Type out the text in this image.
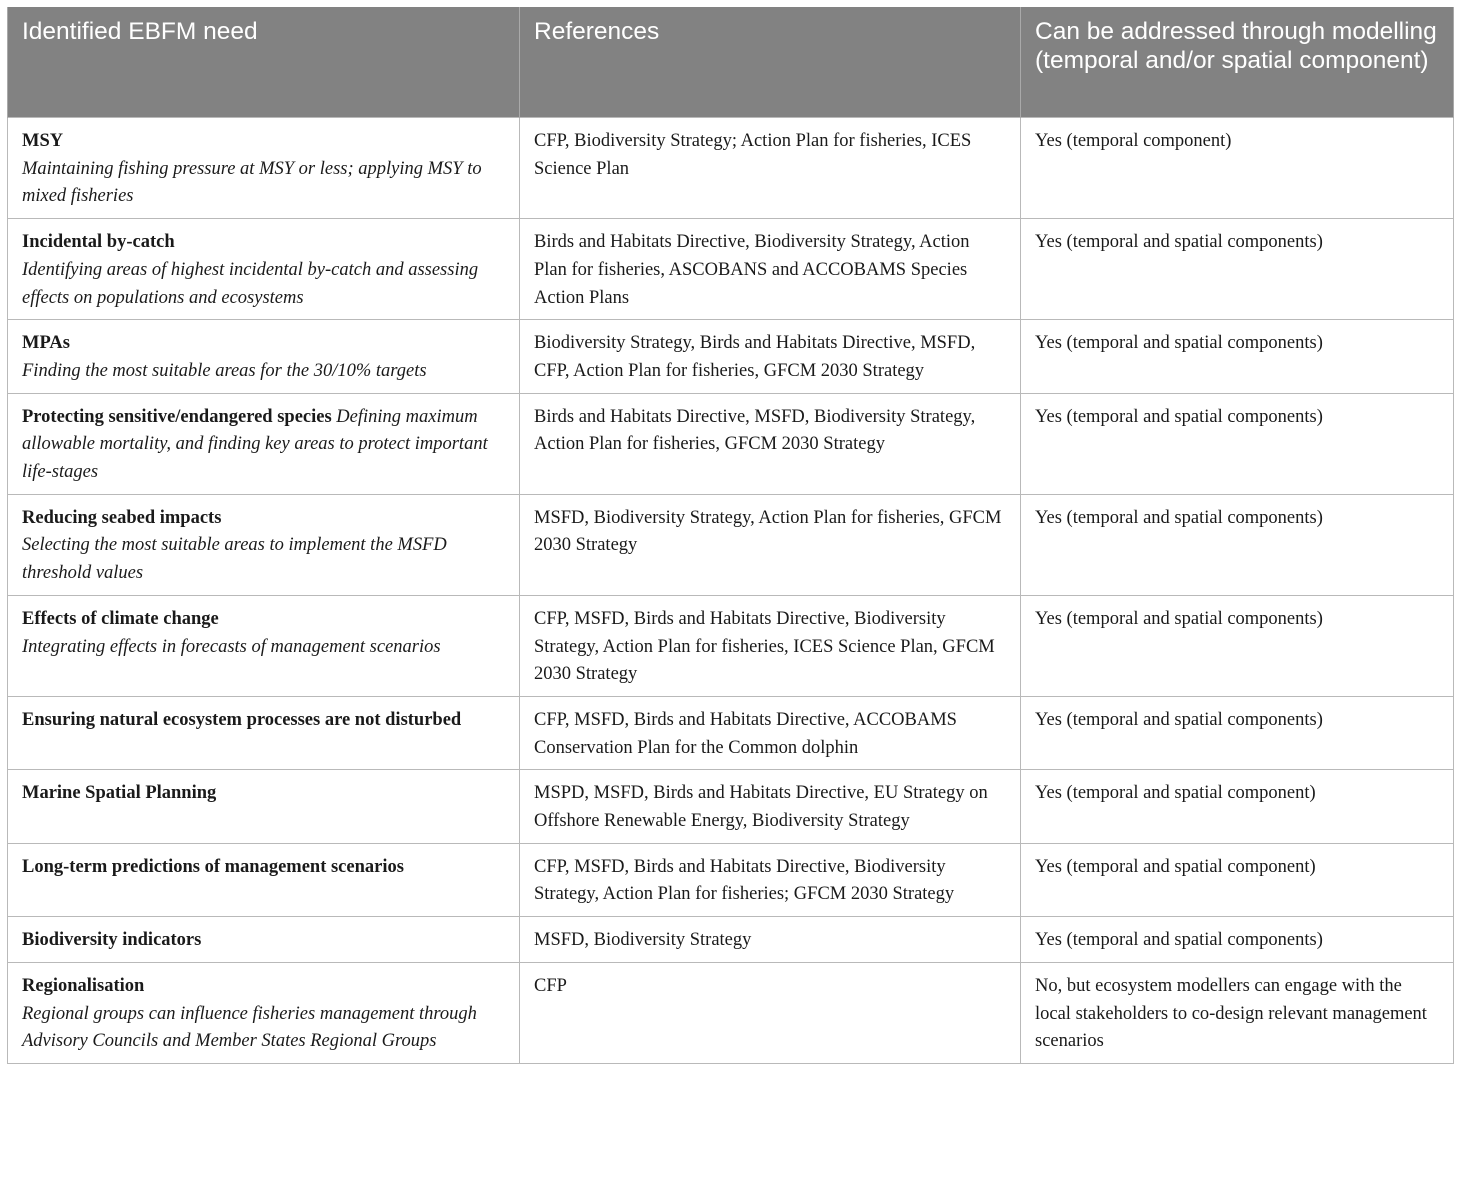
Identified EBFM need	References	Can be addressed through modelling (temporal and/or spatial component)
MSY
Maintaining fishing pressure at MSY or less; applying MSY to mixed fisheries	CFP, Biodiversity Strategy; Action Plan for fisheries, ICES Science Plan	Yes (temporal component)
Incidental by-catch
Identifying areas of highest incidental by-catch and assessing effects on populations and ecosystems	Birds and Habitats Directive, Biodiversity Strategy, Action Plan for fisheries, ASCOBANS and ACCOBAMS Species Action Plans	Yes (temporal and spatial components)
MPAs
Finding the most suitable areas for the 30/10% targets	Biodiversity Strategy, Birds and Habitats Directive, MSFD, CFP, Action Plan for fisheries, GFCM 2030 Strategy	Yes (temporal and spatial components)
Protecting sensitive/endangered species Defining maximum allowable mortality, and finding key areas to protect important life-stages	Birds and Habitats Directive, MSFD, Biodiversity Strategy, Action Plan for fisheries, GFCM 2030 Strategy	Yes (temporal and spatial components)
Reducing seabed impacts
Selecting the most suitable areas to implement the MSFD threshold values	MSFD, Biodiversity Strategy, Action Plan for fisheries, GFCM 2030 Strategy	Yes (temporal and spatial components)
Effects of climate change
Integrating effects in forecasts of management scenarios	CFP, MSFD, Birds and Habitats Directive, Biodiversity Strategy, Action Plan for fisheries, ICES Science Plan, GFCM 2030 Strategy	Yes (temporal and spatial components)
Ensuring natural ecosystem processes are not disturbed	CFP, MSFD, Birds and Habitats Directive, ACCOBAMS Conservation Plan for the Common dolphin	Yes (temporal and spatial components)
Marine Spatial Planning	MSPD, MSFD, Birds and Habitats Directive, EU Strategy on Offshore Renewable Energy, Biodiversity Strategy	Yes (temporal and spatial component)
Long-term predictions of management scenarios	CFP, MSFD, Birds and Habitats Directive, Biodiversity Strategy, Action Plan for fisheries; GFCM 2030 Strategy	Yes (temporal and spatial component)
Biodiversity indicators	MSFD, Biodiversity Strategy	Yes (temporal and spatial components)
Regionalisation
Regional groups can influence fisheries management through Advisory Councils and Member States Regional Groups	CFP	No, but ecosystem modellers can engage with the local stakeholders to co-design relevant management scenarios
